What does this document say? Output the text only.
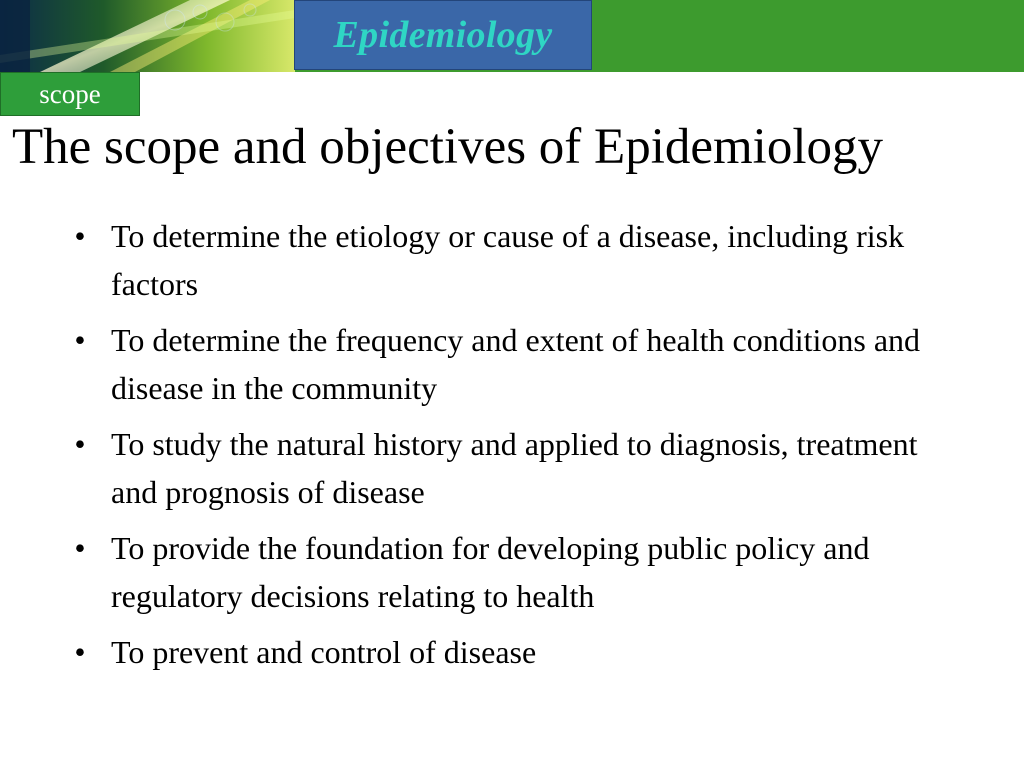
Epidemiology
scope
The scope and objectives of Epidemiology
• To determine the etiology or cause of a disease, including risk factors
• To determine the frequency and extent of health conditions and disease in the community
• To study the natural history and applied to diagnosis, treatment and prognosis of disease
• To provide the foundation for developing public policy and regulatory decisions relating to health
• To prevent and control of disease
